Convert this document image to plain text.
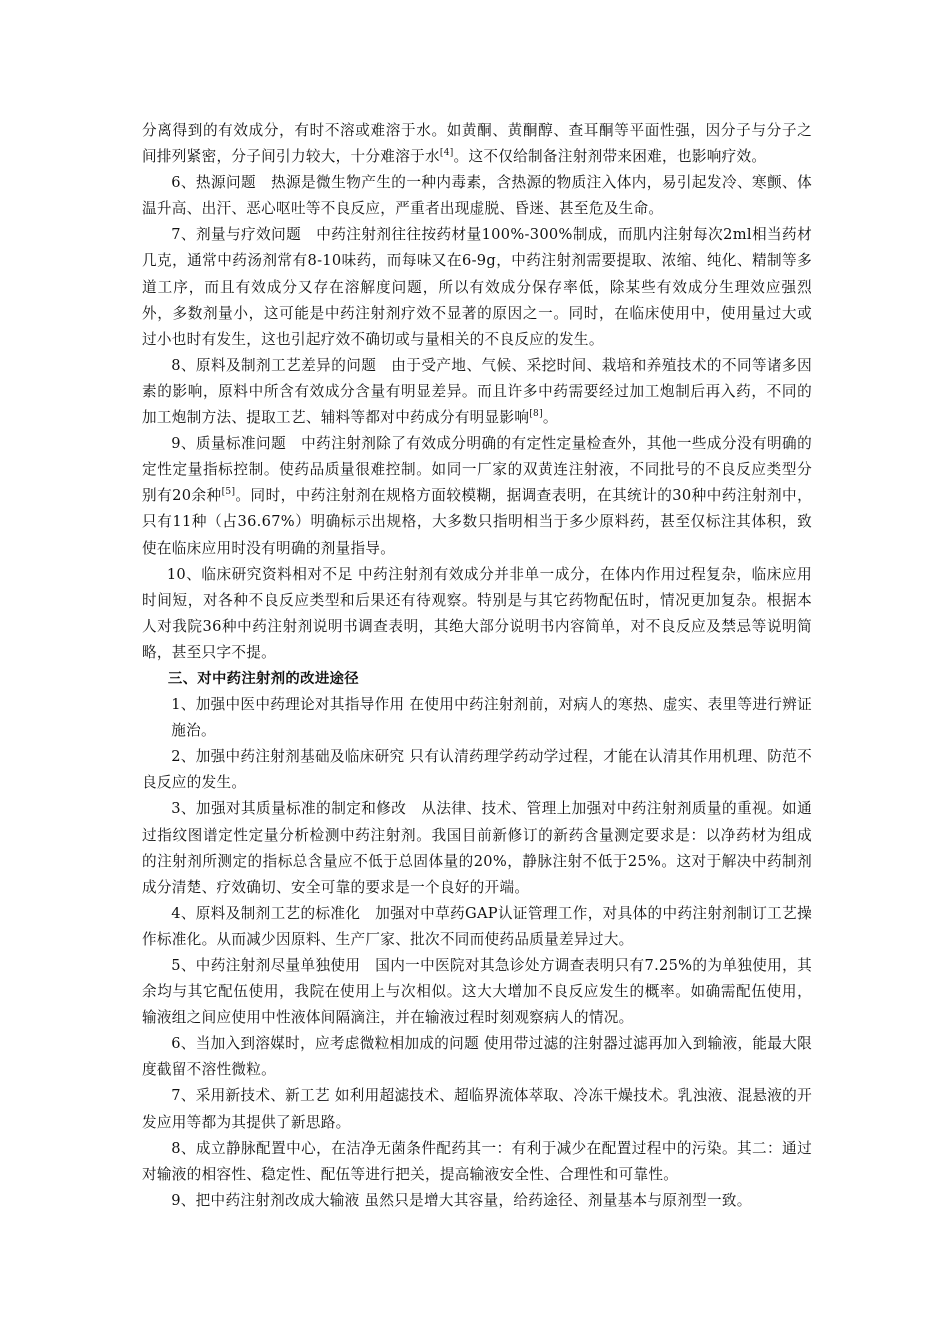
分离得到的有效成分，有时不溶或难溶于水。如黄酮、黄酮醇、查耳酮等平面性强，因分子与分子之间排列紧密，分子间引力较大，十分难溶于水[4]。这不仅给制备注射剂带来困难，也影响疗效。

6、热源问题　热源是微生物产生的一种内毒素，含热源的物质注入体内，易引起发冷、寒颤、体温升高、出汗、恶心呕吐等不良反应，严重者出现虚脱、昏迷、甚至危及生命。

7、剂量与疗效问题　中药注射剂往往按药材量100%-300%制成，而肌内注射每次2ml相当药材几克，通常中药汤剂常有8-10味药，而每味又在6-9g，中药注射剂需要提取、浓缩、纯化、精制等多道工序，而且有效成分又存在溶解度问题，所以有效成分保存率低，除某些有效成分生理效应强烈外，多数剂量小，这可能是中药注射剂疗效不显著的原因之一。同时，在临床使用中，使用量过大或过小也时有发生，这也引起疗效不确切或与量相关的不良反应的发生。

8、原料及制剂工艺差异的问题　由于受产地、气候、采挖时间、栽培和养殖技术的不同等诸多因素的影响，原料中所含有效成分含量有明显差异。而且许多中药需要经过加工炮制后再入药，不同的加工炮制方法、提取工艺、辅料等都对中药成分有明显影响[8]。

9、质量标准问题　中药注射剂除了有效成分明确的有定性定量检查外，其他一些成分没有明确的定性定量指标控制。使药品质量很难控制。如同一厂家的双黄连注射液，不同批号的不良反应类型分别有20余种[5]。同时，中药注射剂在规格方面较模糊，据调查表明，在其统计的30种中药注射剂中，只有11种（占36.67%）明确标示出规格，大多数只指明相当于多少原料药，甚至仅标注其体积，致使在临床应用时没有明确的剂量指导。

10、临床研究资料相对不足 中药注射剂有效成分并非单一成分，在体内作用过程复杂，临床应用时间短，对各种不良反应类型和后果还有待观察。特别是与其它药物配伍时，情况更加复杂。根据本人对我院36种中药注射剂说明书调查表明，其绝大部分说明书内容简单，对不良反应及禁忌等说明简略，甚至只字不提。

三、对中药注射剂的改进途径

1、加强中医中药理论对其指导作用 在使用中药注射剂前，对病人的寒热、虚实、表里等进行辨证施治。

2、加强中药注射剂基础及临床研究 只有认清药理学药动学过程，才能在认清其作用机理、防范不良反应的发生。

3、加强对其质量标准的制定和修改　从法律、技术、管理上加强对中药注射剂质量的重视。如通过指纹图谱定性定量分析检测中药注射剂。我国目前新修订的新药含量测定要求是：以净药材为组成的注射剂所测定的指标总含量应不低于总固体量的20%，静脉注射不低于25%。这对于解决中药制剂成分清楚、疗效确切、安全可靠的要求是一个良好的开端。

4、原料及制剂工艺的标准化　加强对中草药GAP认证管理工作，对具体的中药注射剂制订工艺操作标准化。从而减少因原料、生产厂家、批次不同而使药品质量差异过大。

5、中药注射剂尽量单独使用　国内一中医院对其急诊处方调查表明只有7.25%的为单独使用，其余均与其它配伍使用，我院在使用上与次相似。这大大增加不良反应发生的概率。如确需配伍使用，输液组之间应使用中性液体间隔滴注，并在输液过程时刻观察病人的情况。

6、当加入到溶媒时，应考虑微粒相加成的问题 使用带过滤的注射器过滤再加入到输液，能最大限度截留不溶性微粒。

7、采用新技术、新工艺 如利用超滤技术、超临界流体萃取、冷冻干燥技术。乳浊液、混悬液的开发应用等都为其提供了新思路。

8、成立静脉配置中心，在洁净无菌条件配药其一：有利于减少在配置过程中的污染。其二：通过对输液的相容性、稳定性、配伍等进行把关，提高输液安全性、合理性和可靠性。

9、把中药注射剂改成大输液 虽然只是增大其容量，给药途径、剂量基本与原剂型一致。
